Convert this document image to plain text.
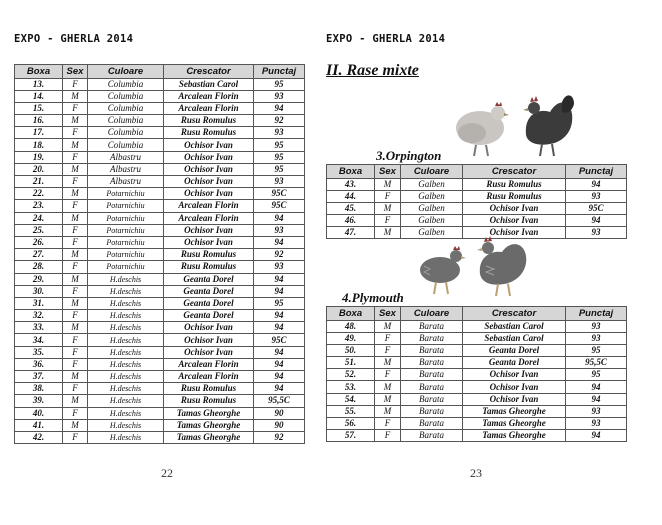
EXPO - GHERLA 2014
Boxa	Sex	Culoare	Crescator	Punctaj
13.	F	Columbia	Sebastian Carol	95
14.	M	Columbia	Arcalean Florin	93
15.	F	Columbia	Arcalean Florin	94
16.	M	Columbia	Rusu Romulus	92
17.	F	Columbia	Rusu Romulus	93
18.	M	Columbia	Ochisor Ivan	95
19.	F	Albastru	Ochisor Ivan	95
20.	M	Albastru	Ochisor Ivan	95
21.	F	Albastru	Ochisor Ivan	93
22.	M	Potarnichiu	Ochisor Ivan	95C
23.	F	Potarnichiu	Arcalean Florin	95C
24.	M	Potarnichiu	Arcalean Florin	94
25.	F	Potarnichiu	Ochisor Ivan	93
26.	F	Potarnichiu	Ochisor Ivan	94
27.	M	Potarnichiu	Rusu Romulus	92
28.	F	Potarnichiu	Rusu Romulus	93
29.	M	H.deschis	Geanta Dorel	94
30.	F	H.deschis	Geanta Dorel	94
31.	M	H.deschis	Geanta Dorel	95
32.	F	H.deschis	Geanta Dorel	94
33.	M	H.deschis	Ochisor Ivan	94
34.	F	H.deschis	Ochisor Ivan	95C
35.	F	H.deschis	Ochisor Ivan	94
36.	F	H.deschis	Arcalean Florin	94
37.	M	H.deschis	Arcalean Florin	94
38.	F	H.deschis	Rusu Romulus	94
39.	M	H.deschis	Rusu Romulus	95,5C
40.	F	H.deschis	Tamas Gheorghe	90
41.	M	H.deschis	Tamas Gheorghe	90
42.	F	H.deschis	Tamas Gheorghe	92
22
EXPO - GHERLA 2014
II. Rase mixte
3.Orpington
Boxa	Sex	Culoare	Crescator	Punctaj
43.	M	Galben	Rusu Romulus	94
44.	F	Galben	Rusu Romulus	93
45.	M	Galben	Ochisor Ivan	95C
46.	F	Galben	Ochisor Ivan	94
47.	M	Galben	Ochisor Ivan	93
4.Plymouth
Boxa	Sex	Culoare	Crescator	Punctaj
48.	M	Barata	Sebastian Carol	93
49.	F	Barata	Sebastian Carol	93
50.	F	Barata	Geanta Dorel	95
51.	M	Barata	Geanta Dorel	95,5C
52.	F	Barata	Ochisor Ivan	95
53.	M	Barata	Ochisor Ivan	94
54.	M	Barata	Ochisor Ivan	94
55.	M	Barata	Tamas Gheorghe	93
56.	F	Barata	Tamas Gheorghe	93
57.	F	Barata	Tamas Gheorghe	94
23
